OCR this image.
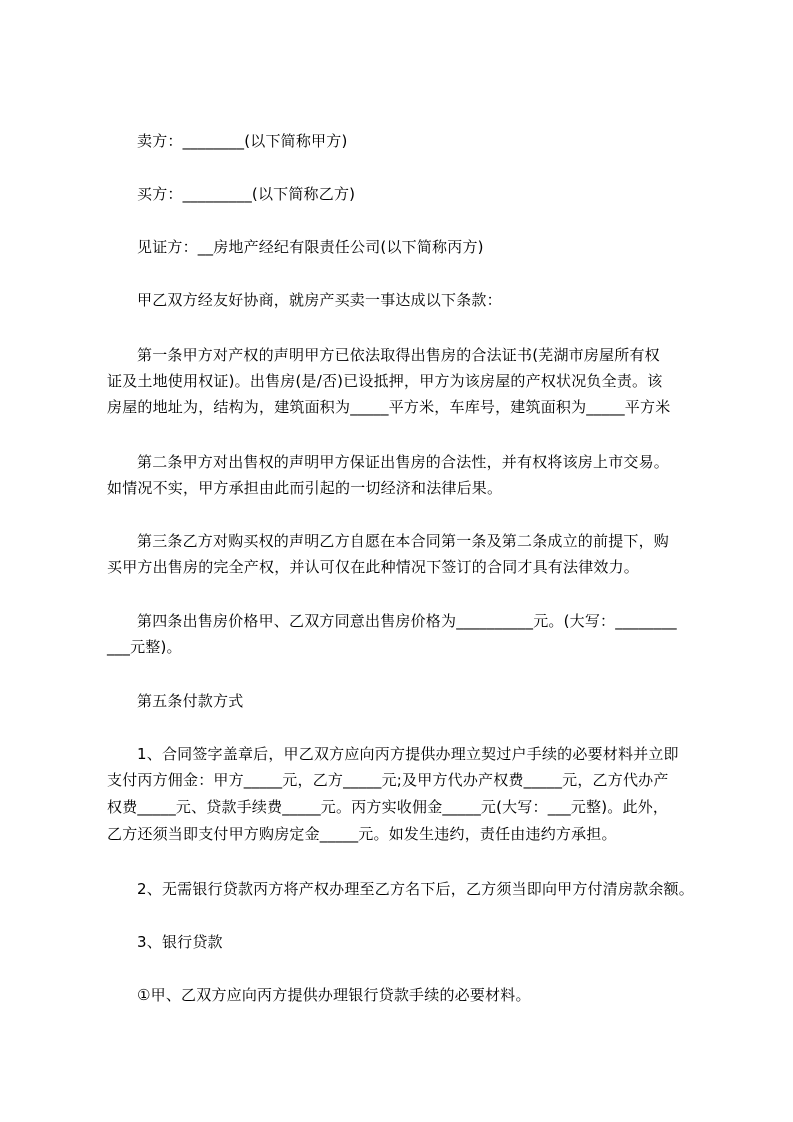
卖方：________(以下简称甲方)

买方：_________(以下简称乙方)

见证方：__房地产经纪有限责任公司(以下简称丙方)

甲乙双方经友好协商，就房产买卖一事达成以下条款：

第一条甲方对产权的声明甲方已依法取得出售房的合法证书(芜湖市房屋所有权

证及土地使用权证)。出售房(是/否)已设抵押，甲方为该房屋的产权状况负全责。该

房屋的地址为，结构为，建筑面积为_____平方米，车库号，建筑面积为_____平方米

第二条甲方对出售权的声明甲方保证出售房的合法性，并有权将该房上市交易。

如情况不实，甲方承担由此而引起的一切经济和法律后果。

第三条乙方对购买权的声明乙方自愿在本合同第一条及第二条成立的前提下，购

买甲方出售房的完全产权，并认可仅在此种情况下签订的合同才具有法律效力。

第四条出售房价格甲、乙双方同意出售房价格为__________元。(大写：________

___元整)。

第五条付款方式

1、合同签字盖章后，甲乙双方应向丙方提供办理立契过户手续的必要材料并立即

支付丙方佣金：甲方_____元，乙方_____元;及甲方代办产权费_____元，乙方代办产

权费_____元、贷款手续费_____元。丙方实收佣金_____元(大写：___元整)。此外，

乙方还须当即支付甲方购房定金_____元。如发生违约，责任由违约方承担。

2、无需银行贷款丙方将产权办理至乙方名下后，乙方须当即向甲方付清房款余额。

3、银行贷款

①甲、乙双方应向丙方提供办理银行贷款手续的必要材料。
